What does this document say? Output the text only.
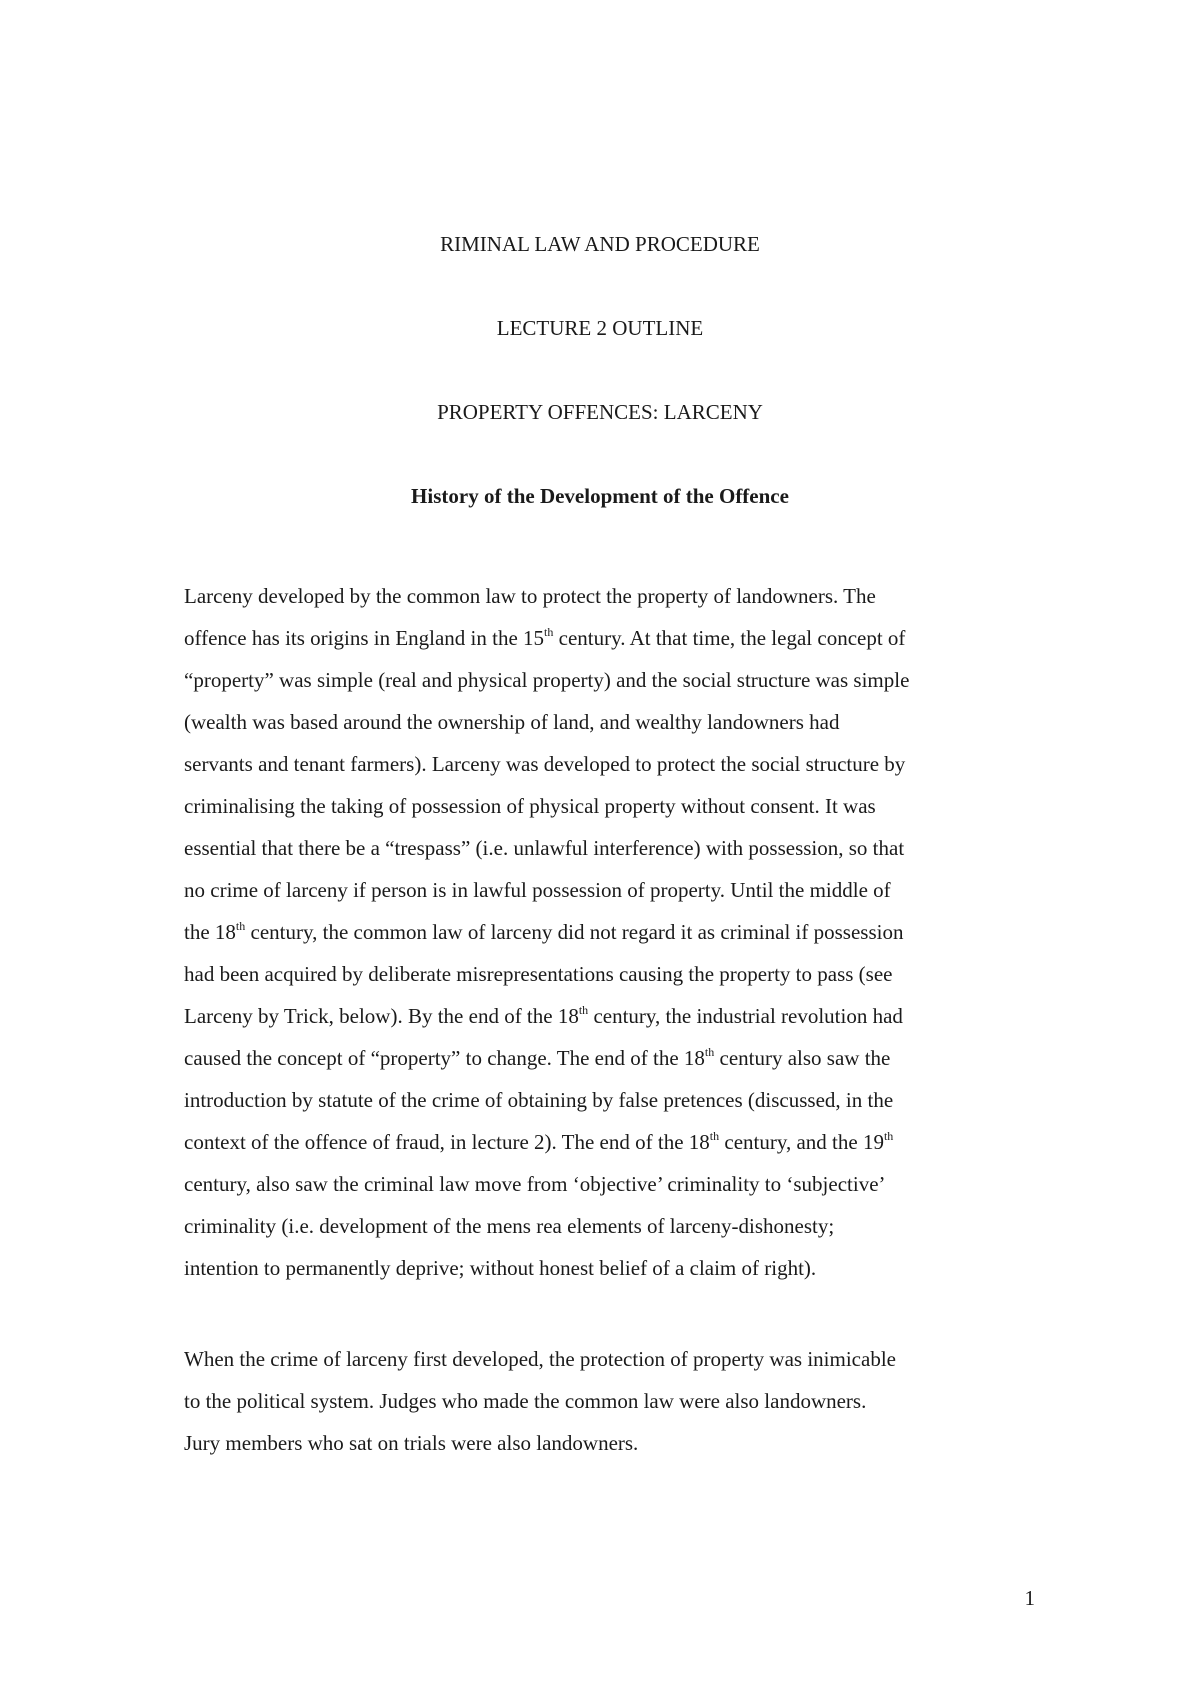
RIMINAL LAW AND PROCEDURE

LECTURE 2 OUTLINE

PROPERTY OFFENCES: LARCENY

History of the Development of the Offence

Larceny developed by the common law to protect the property of landowners. The
offence has its origins in England in the 15th century. At that time, the legal concept of
“property” was simple (real and physical property) and the social structure was simple
(wealth was based around the ownership of land, and wealthy landowners had
servants and tenant farmers). Larceny was developed to protect the social structure by
criminalising the taking of possession of physical property without consent. It was
essential that there be a “trespass” (i.e. unlawful interference) with possession, so that
no crime of larceny if person is in lawful possession of property. Until the middle of
the 18th century, the common law of larceny did not regard it as criminal if possession
had been acquired by deliberate misrepresentations causing the property to pass (see
Larceny by Trick, below). By the end of the 18th century, the industrial revolution had
caused the concept of “property” to change. The end of the 18th century also saw the
introduction by statute of the crime of obtaining by false pretences (discussed, in the
context of the offence of fraud, in lecture 2). The end of the 18th century, and the 19th
century, also saw the criminal law move from ‘objective’ criminality to ‘subjective’
criminality (i.e. development of the mens rea elements of larceny-dishonesty;
intention to permanently deprive; without honest belief of a claim of right).
When the crime of larceny first developed, the protection of property was inimicable
to the political system. Judges who made the common law were also landowners.
Jury members who sat on trials were also landowners.

1
